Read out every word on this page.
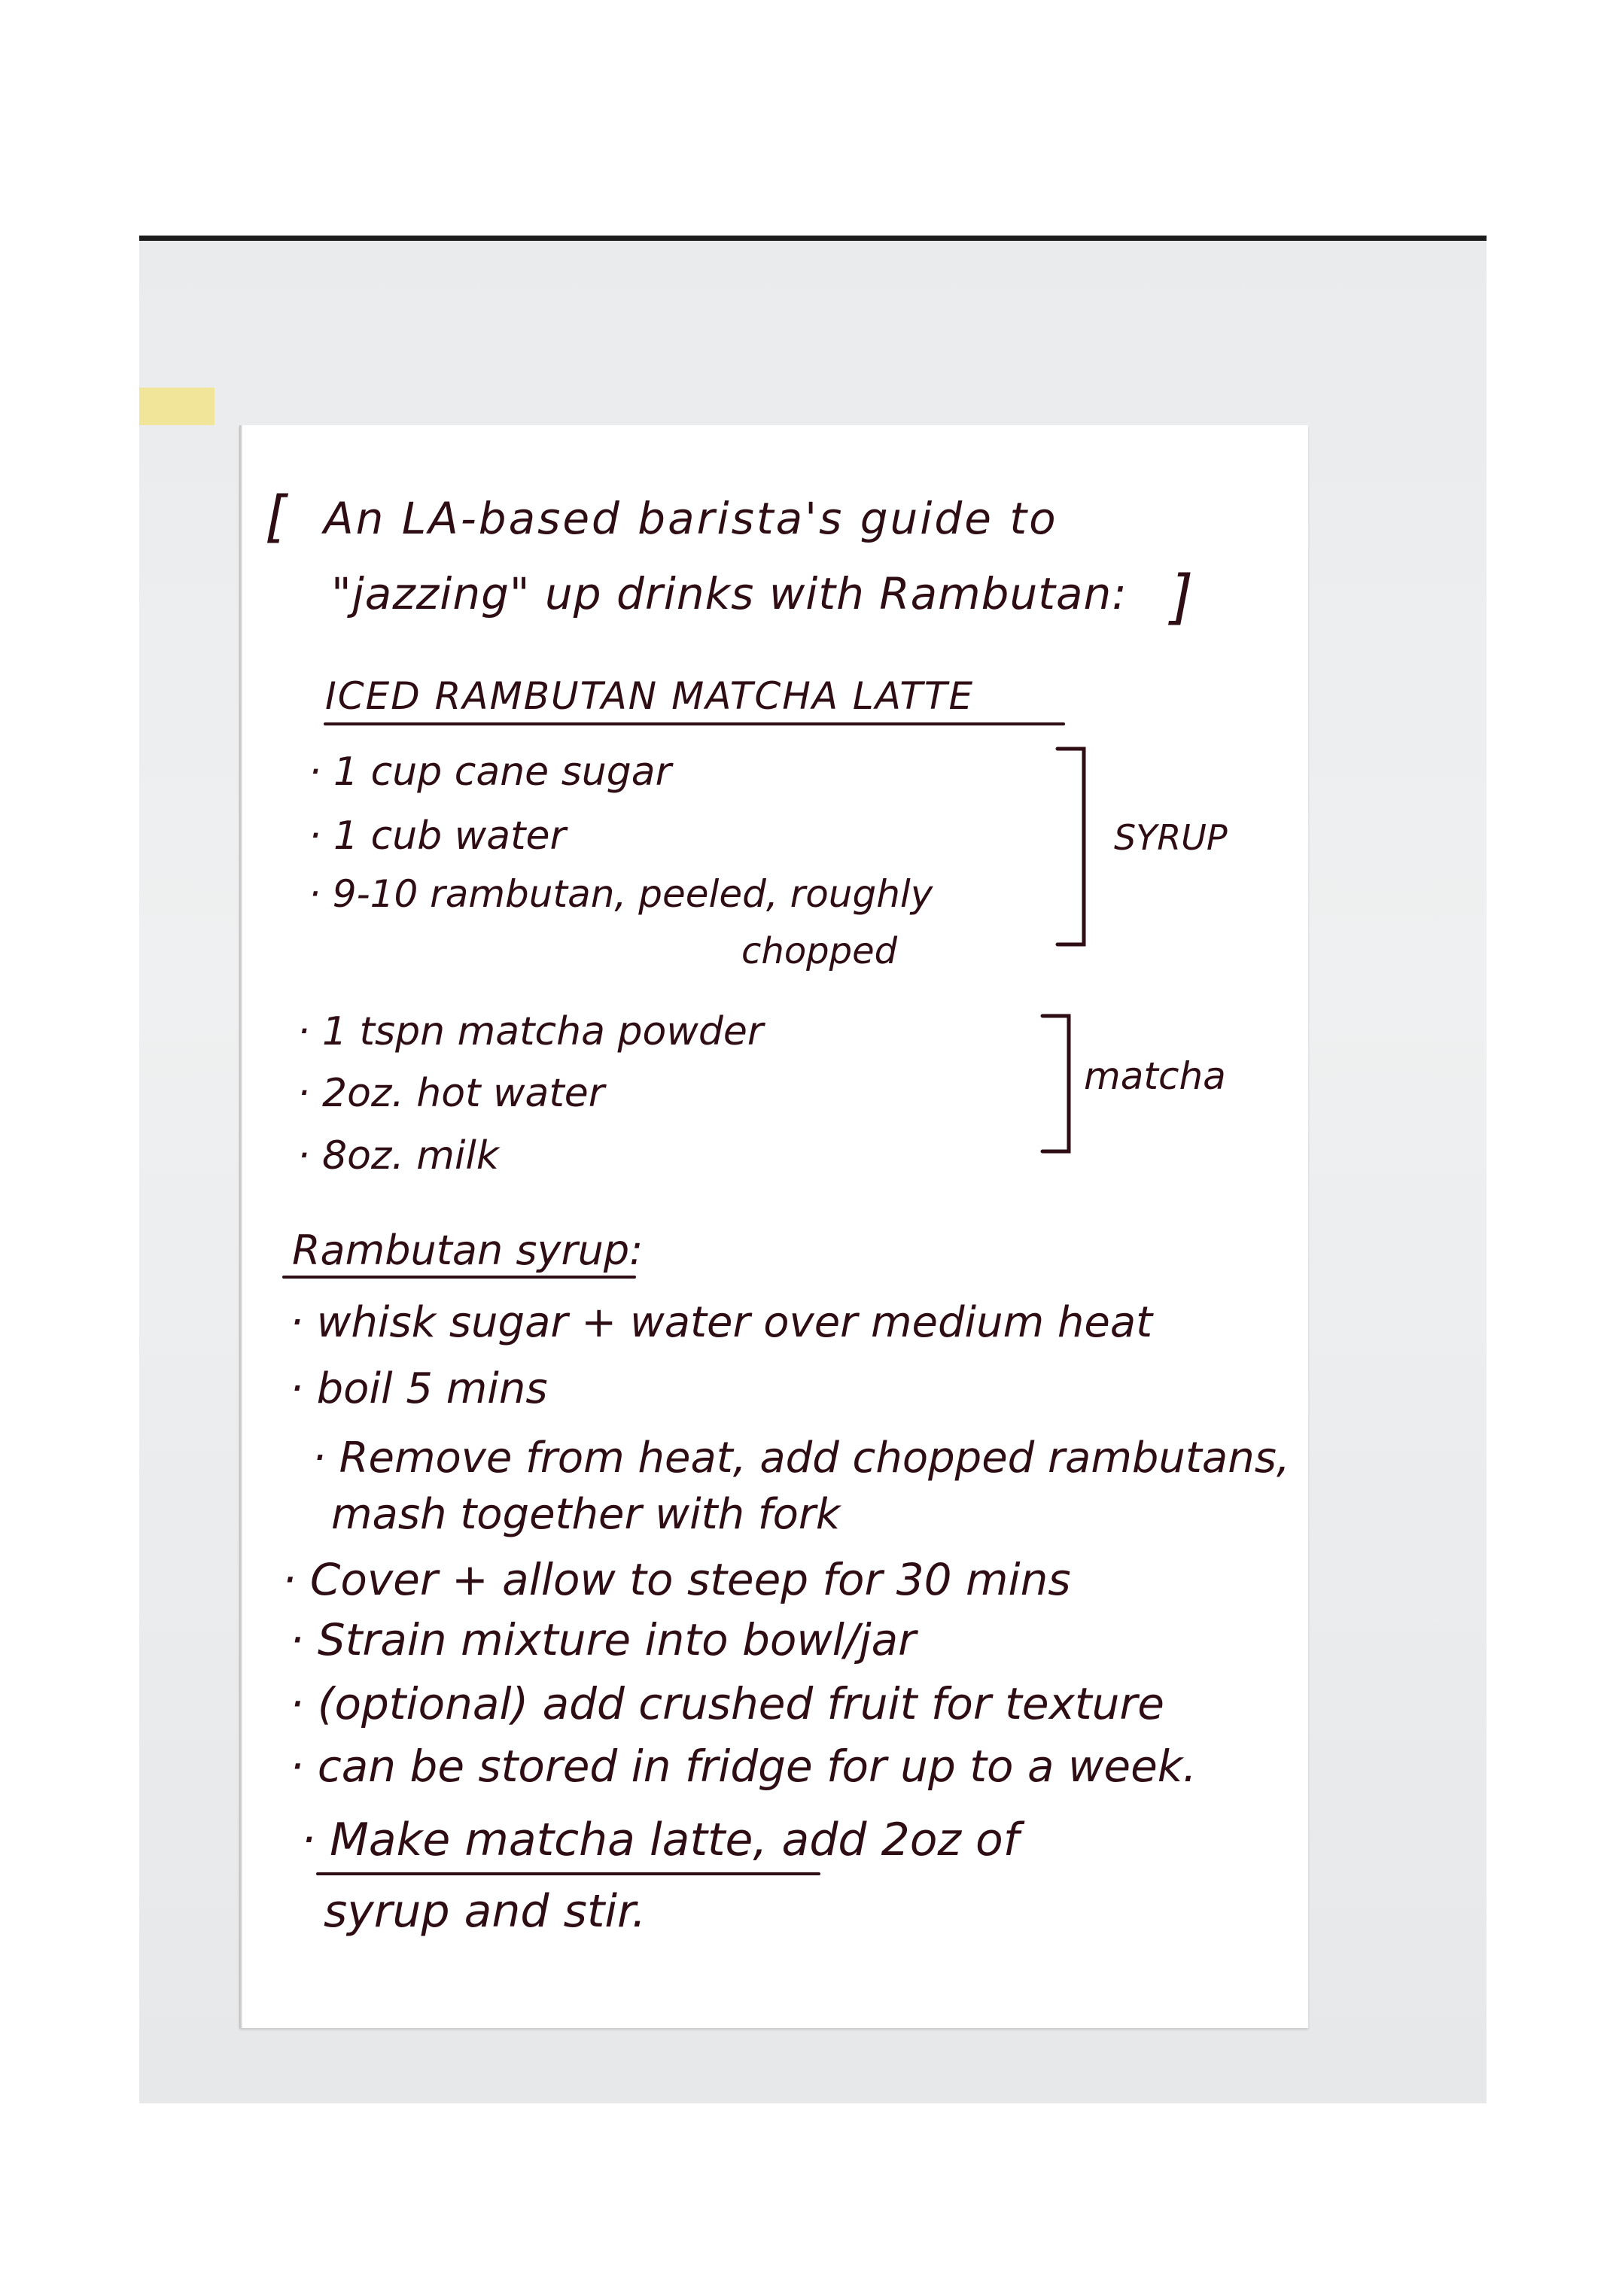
[ An LA-based barista's guide to
"jazzing" up drinks with Rambutan: ]
ICED RAMBUTAN MATCHA LATTE
· 1 cup cane sugar
· 1 cub water
· 9-10 rambutan, peeled, roughly
chopped
SYRUP
· 1 tspn matcha powder
· 2oz. hot water
· 8oz. milk
matcha
Rambutan syrup:
· whisk sugar + water over medium heat
· boil 5 mins
· Remove from heat, add chopped rambutans,
mash together with fork
· Cover + allow to steep for 30 mins
· Strain mixture into bowl/jar
· (optional) add crushed fruit for texture
· can be stored in fridge for up to a week.
· Make matcha latte, add 2oz of
syrup and stir.
